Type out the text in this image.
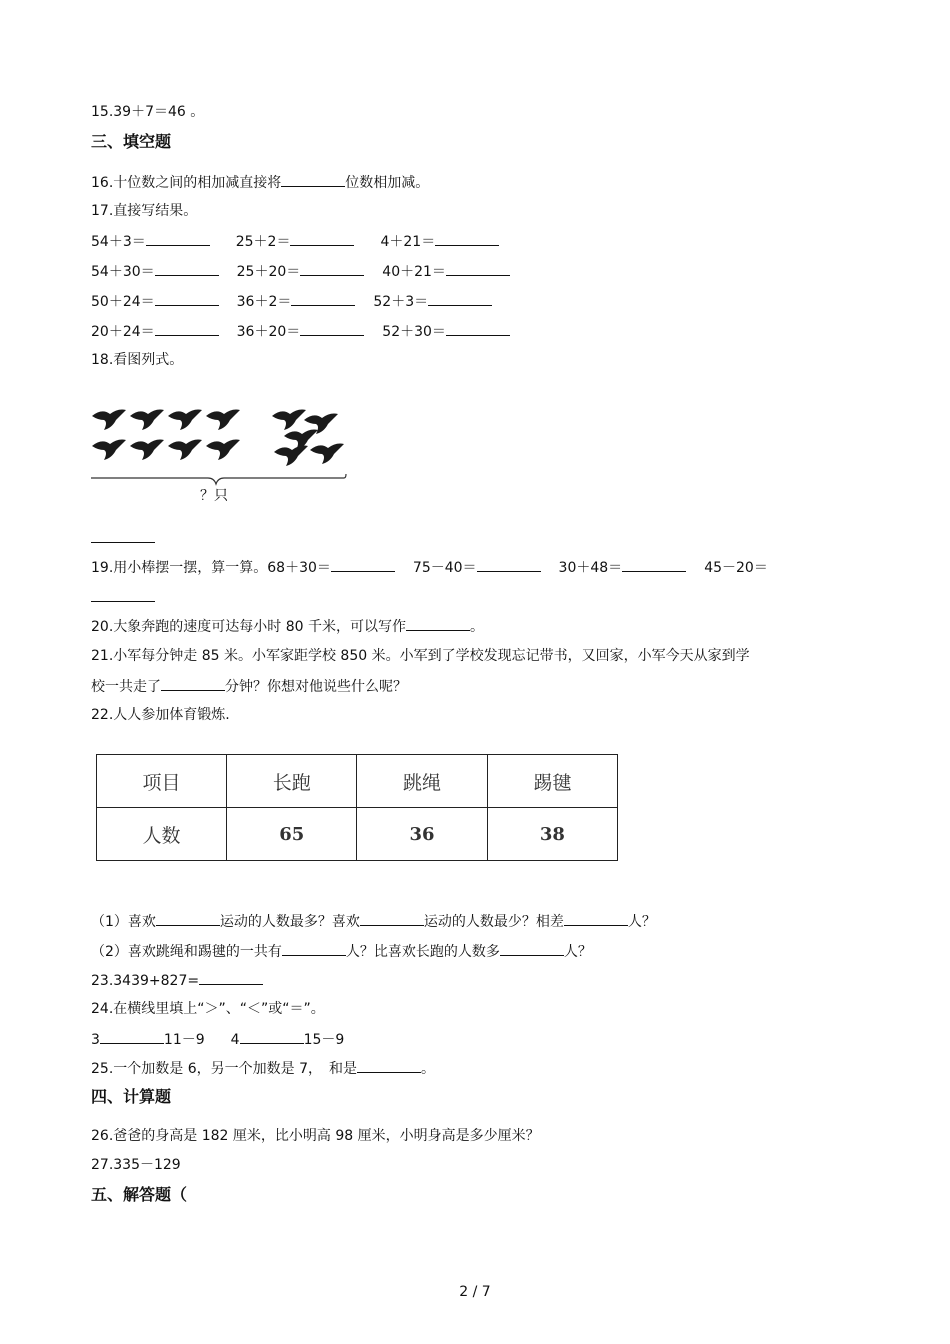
15.39＋7＝46 。
三、填空题
16.十位数之间的相加减直接将	位数相加减。
17.直接写结果。
54＋3＝	25＋2＝	4＋21＝
54＋30＝	25＋20＝	40＋21＝
50＋24＝	36＋2＝	52＋3＝
20＋24＝	36＋20＝	52＋30＝
18.看图列式。
？只
19.用小棒摆一摆，算一算。68＋30＝	75－40＝	30＋48＝	45－20＝
20.大象奔跑的速度可达每小时 80 千米，可以写作	。
21.小军每分钟走 85 米。小军家距学校 850 米。小军到了学校发现忘记带书，又回家，小军今天从家到学
校一共走了	分钟？你想对他说些什么呢？
22.人人参加体育锻炼.
项目	长跑	跳绳	踢毽
人数	65	36	38
（1）喜欢	运动的人数最多？喜欢	运动的人数最少？相差	人？
（2）喜欢跳绳和踢毽的一共有	人？比喜欢长跑的人数多	人？
23.3439+827=
24.在横线里填上“＞”、“＜”或“＝”。
3	11－9 4	15－9
25.一个加数是 6，另一个加数是 7，　和是	。
四、计算题
26.爸爸的身高是 182 厘米，比小明高 98 厘米，小明身高是多少厘米？
27.335－129
五、解答题（
2 / 7
